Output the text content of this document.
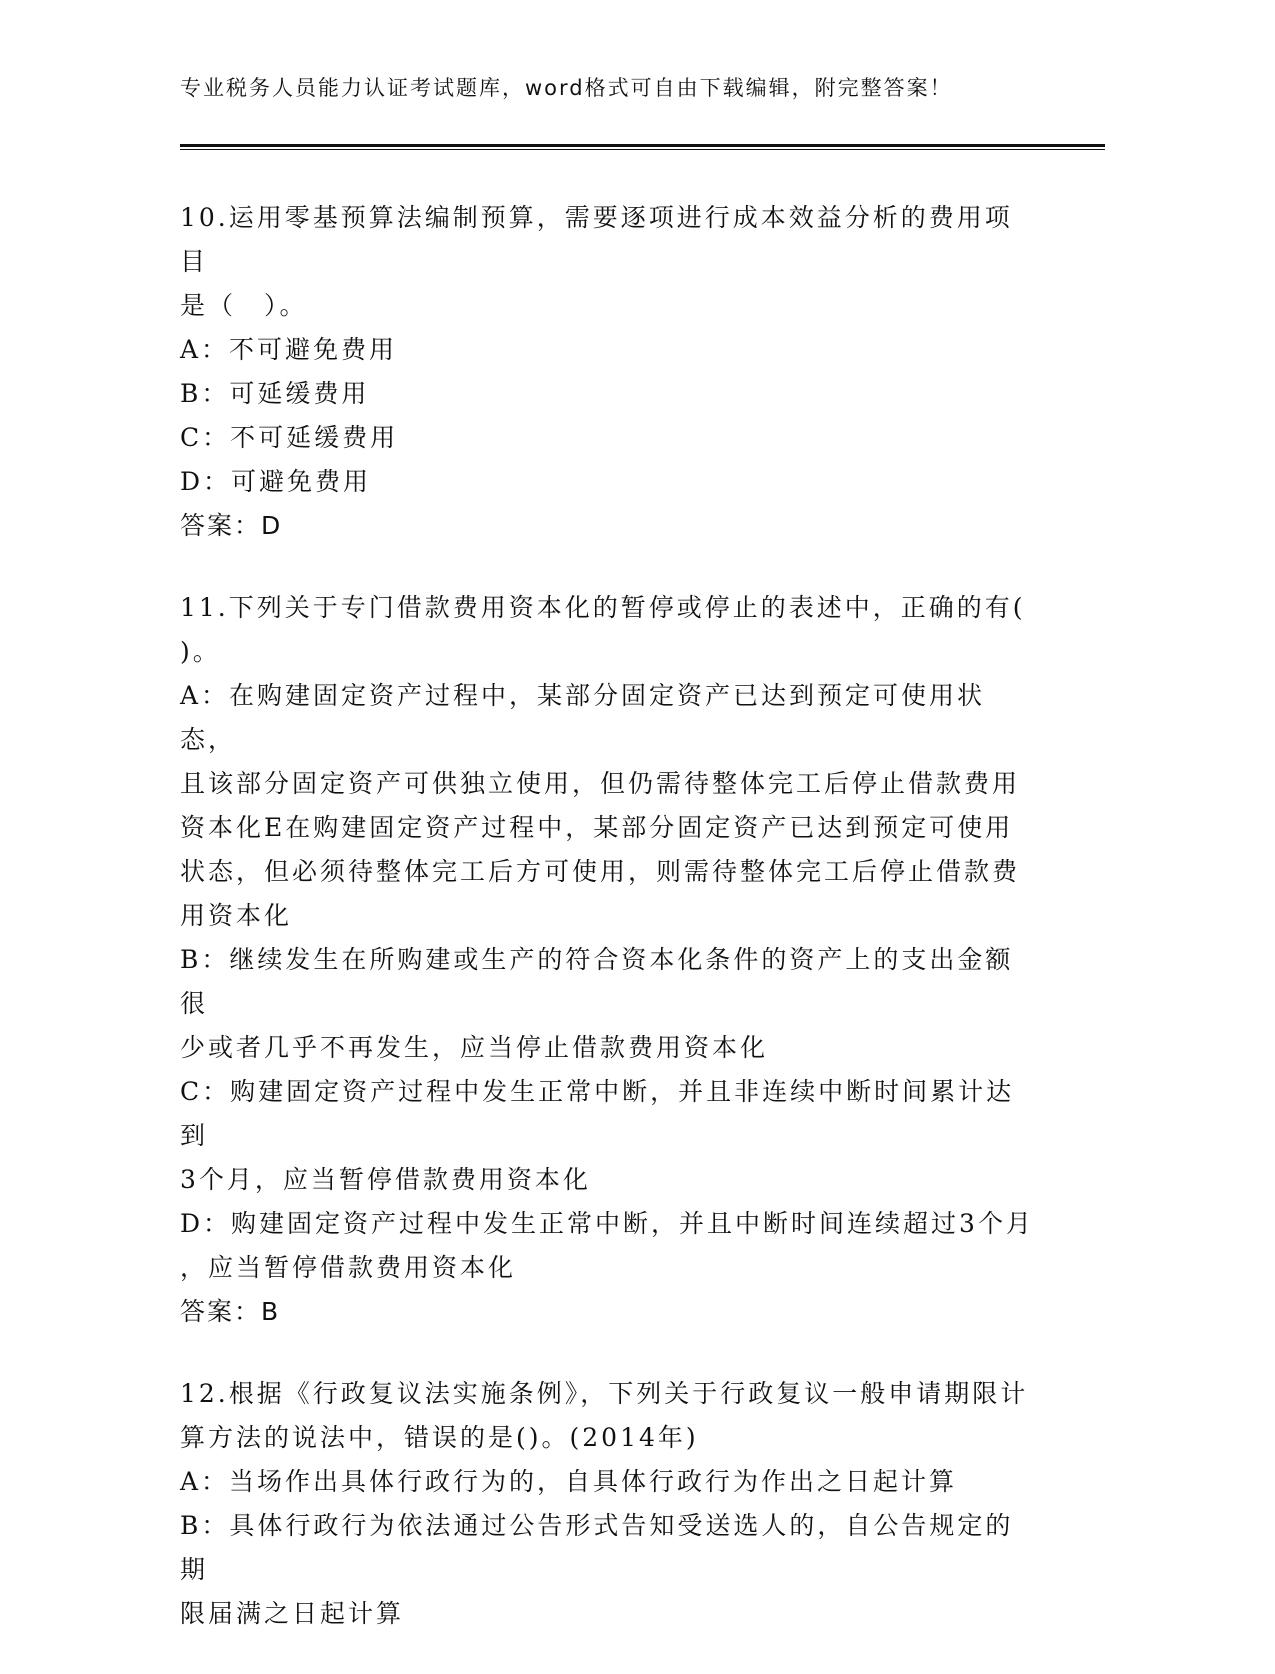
专业税务人员能力认证考试题库，word格式可自由下载编辑，附完整答案！
10.运用零基预算法编制预算，需要逐项进行成本效益分析的费用项目
是（　）。
A：不可避免费用
B：可延缓费用
C：不可延缓费用
D：可避免费用
答案：D
11.下列关于专门借款费用资本化的暂停或停止的表述中，正确的有(
)。
A：在购建固定资产过程中，某部分固定资产已达到预定可使用状态，
且该部分固定资产可供独立使用，但仍需待整体完工后停止借款费用
资本化E在购建固定资产过程中，某部分固定资产已达到预定可使用
状态，但必须待整体完工后方可使用，则需待整体完工后停止借款费
用资本化
B：继续发生在所购建或生产的符合资本化条件的资产上的支出金额很
少或者几乎不再发生，应当停止借款费用资本化
C：购建固定资产过程中发生正常中断，并且非连续中断时间累计达到
3个月，应当暂停借款费用资本化
D：购建固定资产过程中发生正常中断，并且中断时间连续超过3个月
，应当暂停借款费用资本化
答案：B
12.根据《行政复议法实施条例》，下列关于行政复议一般申请期限计
算方法的说法中，错误的是()。(2014年)
A：当场作出具体行政行为的，自具体行政行为作出之日起计算
B：具体行政行为依法通过公告形式告知受送选人的，自公告规定的期
限届满之日起计算
